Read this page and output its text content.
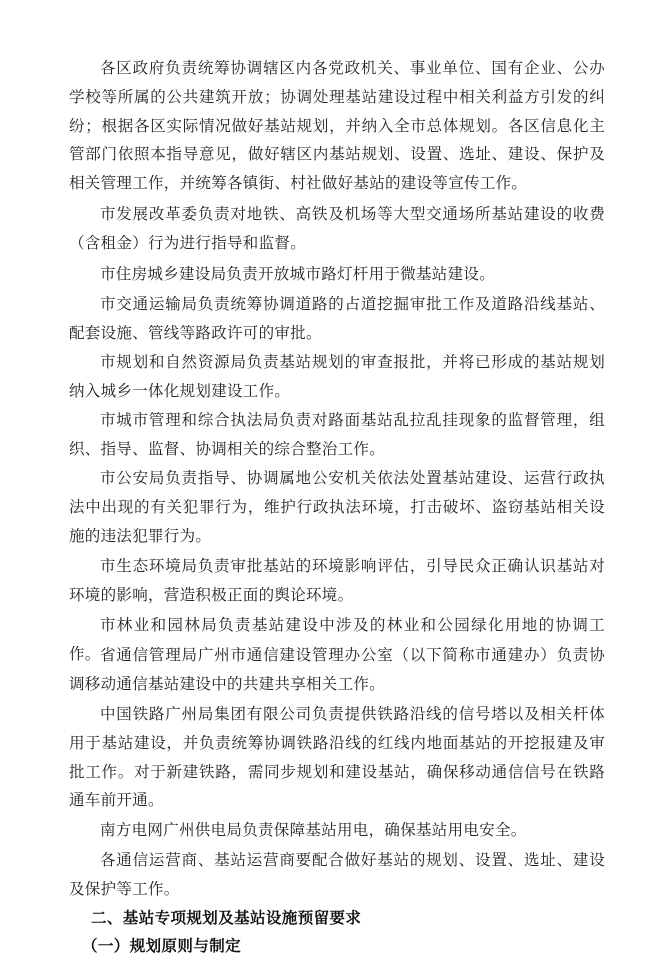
各区政府负责统筹协调辖区内各党政机关、事业单位、国有企业、公办学校等所属的公共建筑开放；协调处理基站建设过程中相关利益方引发的纠纷；根据各区实际情况做好基站规划，并纳入全市总体规划。各区信息化主管部门依照本指导意见，做好辖区内基站规划、设置、选址、建设、保护及相关管理工作，并统筹各镇街、村社做好基站的建设等宣传工作。

市发展改革委负责对地铁、高铁及机场等大型交通场所基站建设的收费（含租金）行为进行指导和监督。

市住房城乡建设局负责开放城市路灯杆用于微基站建设。

市交通运输局负责统筹协调道路的占道挖掘审批工作及道路沿线基站、配套设施、管线等路政许可的审批。

市规划和自然资源局负责基站规划的审查报批，并将已形成的基站规划纳入城乡一体化规划建设工作。

市城市管理和综合执法局负责对路面基站乱拉乱挂现象的监督管理，组织、指导、监督、协调相关的综合整治工作。

市公安局负责指导、协调属地公安机关依法处置基站建设、运营行政执法中出现的有关犯罪行为，维护行政执法环境，打击破坏、盗窃基站相关设施的违法犯罪行为。

市生态环境局负责审批基站的环境影响评估，引导民众正确认识基站对环境的影响，营造积极正面的舆论环境。

市林业和园林局负责基站建设中涉及的林业和公园绿化用地的协调工作。 省通信管理局广州市通信建设管理办公室（以下简称市通建办）负责协调移动通信基站建设中的共建共享相关工作。

中国铁路广州局集团有限公司负责提供铁路沿线的信号塔以及相关杆体用于基站建设，并负责统筹协调铁路沿线的红线内地面基站的开挖报建及审批工作。对于新建铁路，需同步规划和建设基站，确保移动通信信号在铁路通车前开通。

南方电网广州供电局负责保障基站用电，确保基站用电安全。

各通信运营商、基站运营商要配合做好基站的规划、设置、选址、建设及保护等工作。

二、基站专项规划及基站设施预留要求
（一）规划原则与制定
